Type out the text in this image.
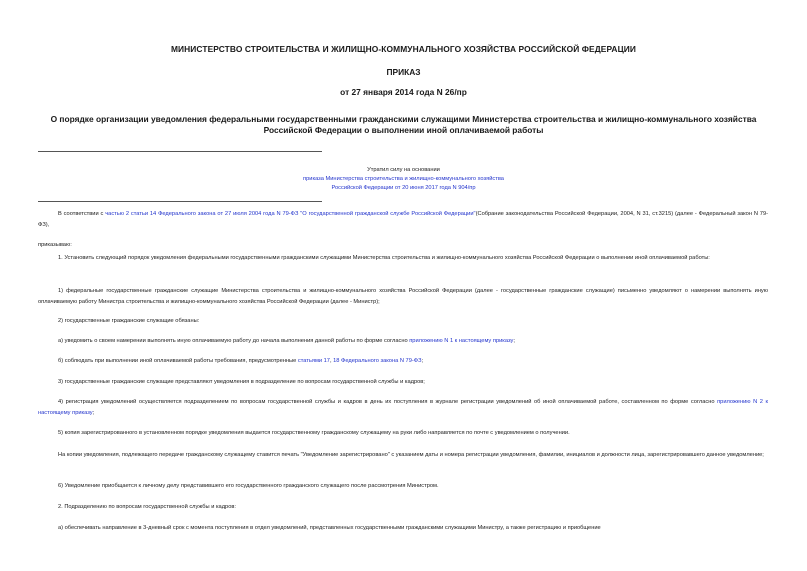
МИНИСТЕРСТВО СТРОИТЕЛЬСТВА И ЖИЛИЩНО-КОММУНАЛЬНОГО ХОЗЯЙСТВА РОССИЙСКОЙ ФЕДЕРАЦИИ
ПРИКАЗ
от 27 января 2014 года N 26/пр
О порядке организации уведомления федеральными государственными гражданскими служащими Министерства строительства и жилищно-коммунального хозяйства Российской Федерации о выполнении иной оплачиваемой работы
Утратил силу на основании
приказа Министерства строительства и жилищно-коммунального хозяйства
Российской Федерации от 20 июня 2017 года N 904/пр

В соответствии с частью 2 статьи 14 Федерального закона от 27 июля 2004 года N 79-ФЗ "О государственной гражданской службе Российской Федерации"(Собрание законодательства Российской Федерации, 2004, N 31, ст.3215) (далее - Федеральный закон N 79-ФЗ),

приказываю:

1. Установить следующий порядок уведомления федеральными государственными гражданскими служащими Министерства строительства и жилищно-коммунального хозяйства Российской Федерации о выполнении иной оплачиваемой работы:

1) федеральные государственные гражданские служащие Министерства строительства и жилищно-коммунального хозяйства Российской Федерации (далее - государственные гражданские служащие) письменно уведомляют о намерении выполнять иную оплачиваемую работу Министра строительства и жилищно-коммунального хозяйства Российской Федерации (далее - Министр);

2) государственные гражданские служащие обязаны:

а) уведомить о своем намерении выполнять иную оплачиваемую работу до начала выполнения данной работы по форме согласно приложению N 1 к настоящему приказу;

б) соблюдать при выполнении иной оплачиваемой работы требования, предусмотренные статьями 17, 18 Федерального закона N 79-ФЗ;

3) государственные гражданские служащие представляют уведомления в подразделение по вопросам государственной службы и кадров;

4) регистрация уведомлений осуществляется подразделением по вопросам государственной службы и кадров в день их поступления в журнале регистрации уведомлений об иной оплачиваемой работе, составленном по форме согласно приложению N 2 к настоящему приказу;

5) копия зарегистрированного в установленном порядке уведомления выдается государственному гражданскому служащему на руки либо направляется по почте с уведомлением о получении.

На копии уведомления, подлежащего передаче гражданскому служащему ставится печать "Уведомление зарегистрировано" с указанием даты и номера регистрации уведомления, фамилии, инициалов и должности лица, зарегистрировавшего данное уведомление;

6) Уведомление приобщается к личному делу представившего его государственного гражданского служащего после рассмотрения Министром.

2. Подразделению по вопросам государственной службы и кадров:

а) обеспечивать направление в 3-дневный срок с момента поступления в отдел уведомлений, представленных государственными гражданскими служащими Министру, а также регистрацию и приобщение
